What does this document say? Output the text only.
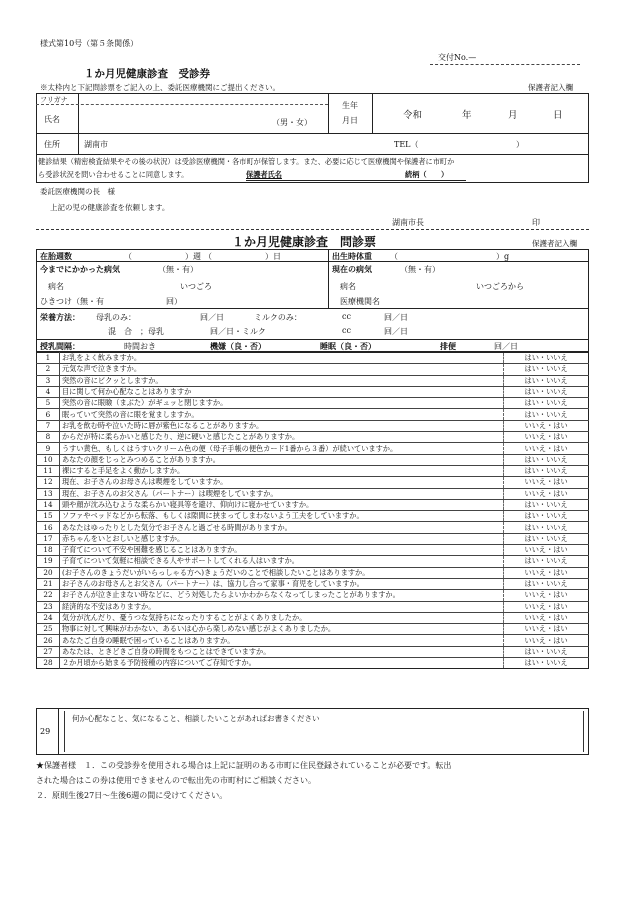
様式第10号（第５条関係）
交付No.—
１か月児健康診査　受診券
※太枠内と下記問診票をご記入の上、委託医療機関にご提出ください。	保護者記入欄
フリガナ
氏名	（男・女）
生年
月日	令和	年	月	日
住所	湖南市	TEL（	）
健診結果（精密検査結果やその後の状況）は受診医療機関・各市町が保管します。また、必要に応じて医療機関や保護者に市町か
ら受診状況を問い合わせることに同意します。	保護者氏名	続柄（　　）
委託医療機関の長　様
上記の児の健康診査を依頼します。
湖南市長	印
１か月児健康診査　問診票	保護者記入欄
在胎週数	（	）週 （	）日	出生時体重 （	）g
今までにかかった病気	（無・有）	現在の病気	（無・有）
病名	いつごろ	病名	いつごろから
ひきつけ（無・有	回）	医療機関名
栄養方法： 母乳のみ：	回／日	ミルクのみ：	cc	回／日
混　合　；母乳	回／日・ミルク	cc	回／日
授乳間隔：	時間おき	機嫌（良・否）	睡眠（良・否）	排便	回／日
1	お乳をよく飲みますか。	はい・いいえ
2	元気な声で泣きますか。	はい・いいえ
3	突然の音にビクッとしますか。	はい・いいえ
4	目に関して何か心配なことはありますか	はい・いいえ
5	突然の音に眼瞼（まぶた）がギュッと閉じますか。	はい・いいえ
6	眠っていて突然の音に眼を覚ましますか。	はい・いいえ
7	お乳を飲む時や泣いた時に唇が紫色になることがありますか。	いいえ・はい
8	からだが特に柔らかいと感じたり、逆に硬いと感じたことがありますか。	いいえ・はい
9	うすい黄色、もしくはうすいクリーム色の便（母子手帳の便色カード1番から３番）が続いていますか。	いいえ・はい
10	あなたの顔をじっとみつめることがありますか。	はい・いいえ
11	裸にすると手足をよく動かしますか。	はい・いいえ
12	現在、お子さんのお母さんは喫煙をしていますか。	いいえ・はい
13	現在、お子さんのお父さん（パートナー）は喫煙をしていますか。	いいえ・はい
14	頭や顔が沈み込むような柔らかい寝具等を避け、仰向けに寝かせていますか。	はい・いいえ
15	ソファやベッドなどから転落、もしくは隙間に挟まってしまわないよう工夫をしていますか。	はい・いいえ
16	あなたはゆったりとした気分でお子さんと過ごせる時間がありますか。	はい・いいえ
17	赤ちゃんをいとおしいと感じますか。	はい・いいえ
18	子育てについて不安や困難を感じることはありますか。	いいえ・はい
19	子育てについて気軽に相談できる人やサポートしてくれる人はいますか。	はい・いいえ
20	(お子さんのきょうだいがいらっしゃる方へ)きょうだいのことで相談したいことはありますか。	いいえ・はい
21	お子さんのお母さんとお父さん（パートナー）は、協力し合って家事・育児をしていますか。	はい・いいえ
22	お子さんが泣き止まない時などに、どう対処したらよいかわからなくなってしまったことがありますか。	いいえ・はい
23	経済的な不安はありますか。	いいえ・はい
24	気分が沈んだり、憂うつな気持ちになったりすることがよくありましたか。	いいえ・はい
25	物事に対して興味がわかない、あるいは心から楽しめない感じがよくありましたか。	いいえ・はい
26	あなたご自身の睡眠で困っていることはありますか。	いいえ・はい
27	あなたは、ときどきご自身の時間をもつことはできていますか。	はい・いいえ
28	２か月頃から始まる予防接種の内容についてご存知ですか。	はい・いいえ
29
何か心配なこと、気になること、相談したいことがあればお書きください
★保護者様　１．この受診券を使用される場合は上記に証明のある市町に住民登録されていることが必要です。転出
された場合はこの券は使用できませんので転出先の市町村にご相談ください。
２．原則生後27日～生後6週の間に受けてください。
